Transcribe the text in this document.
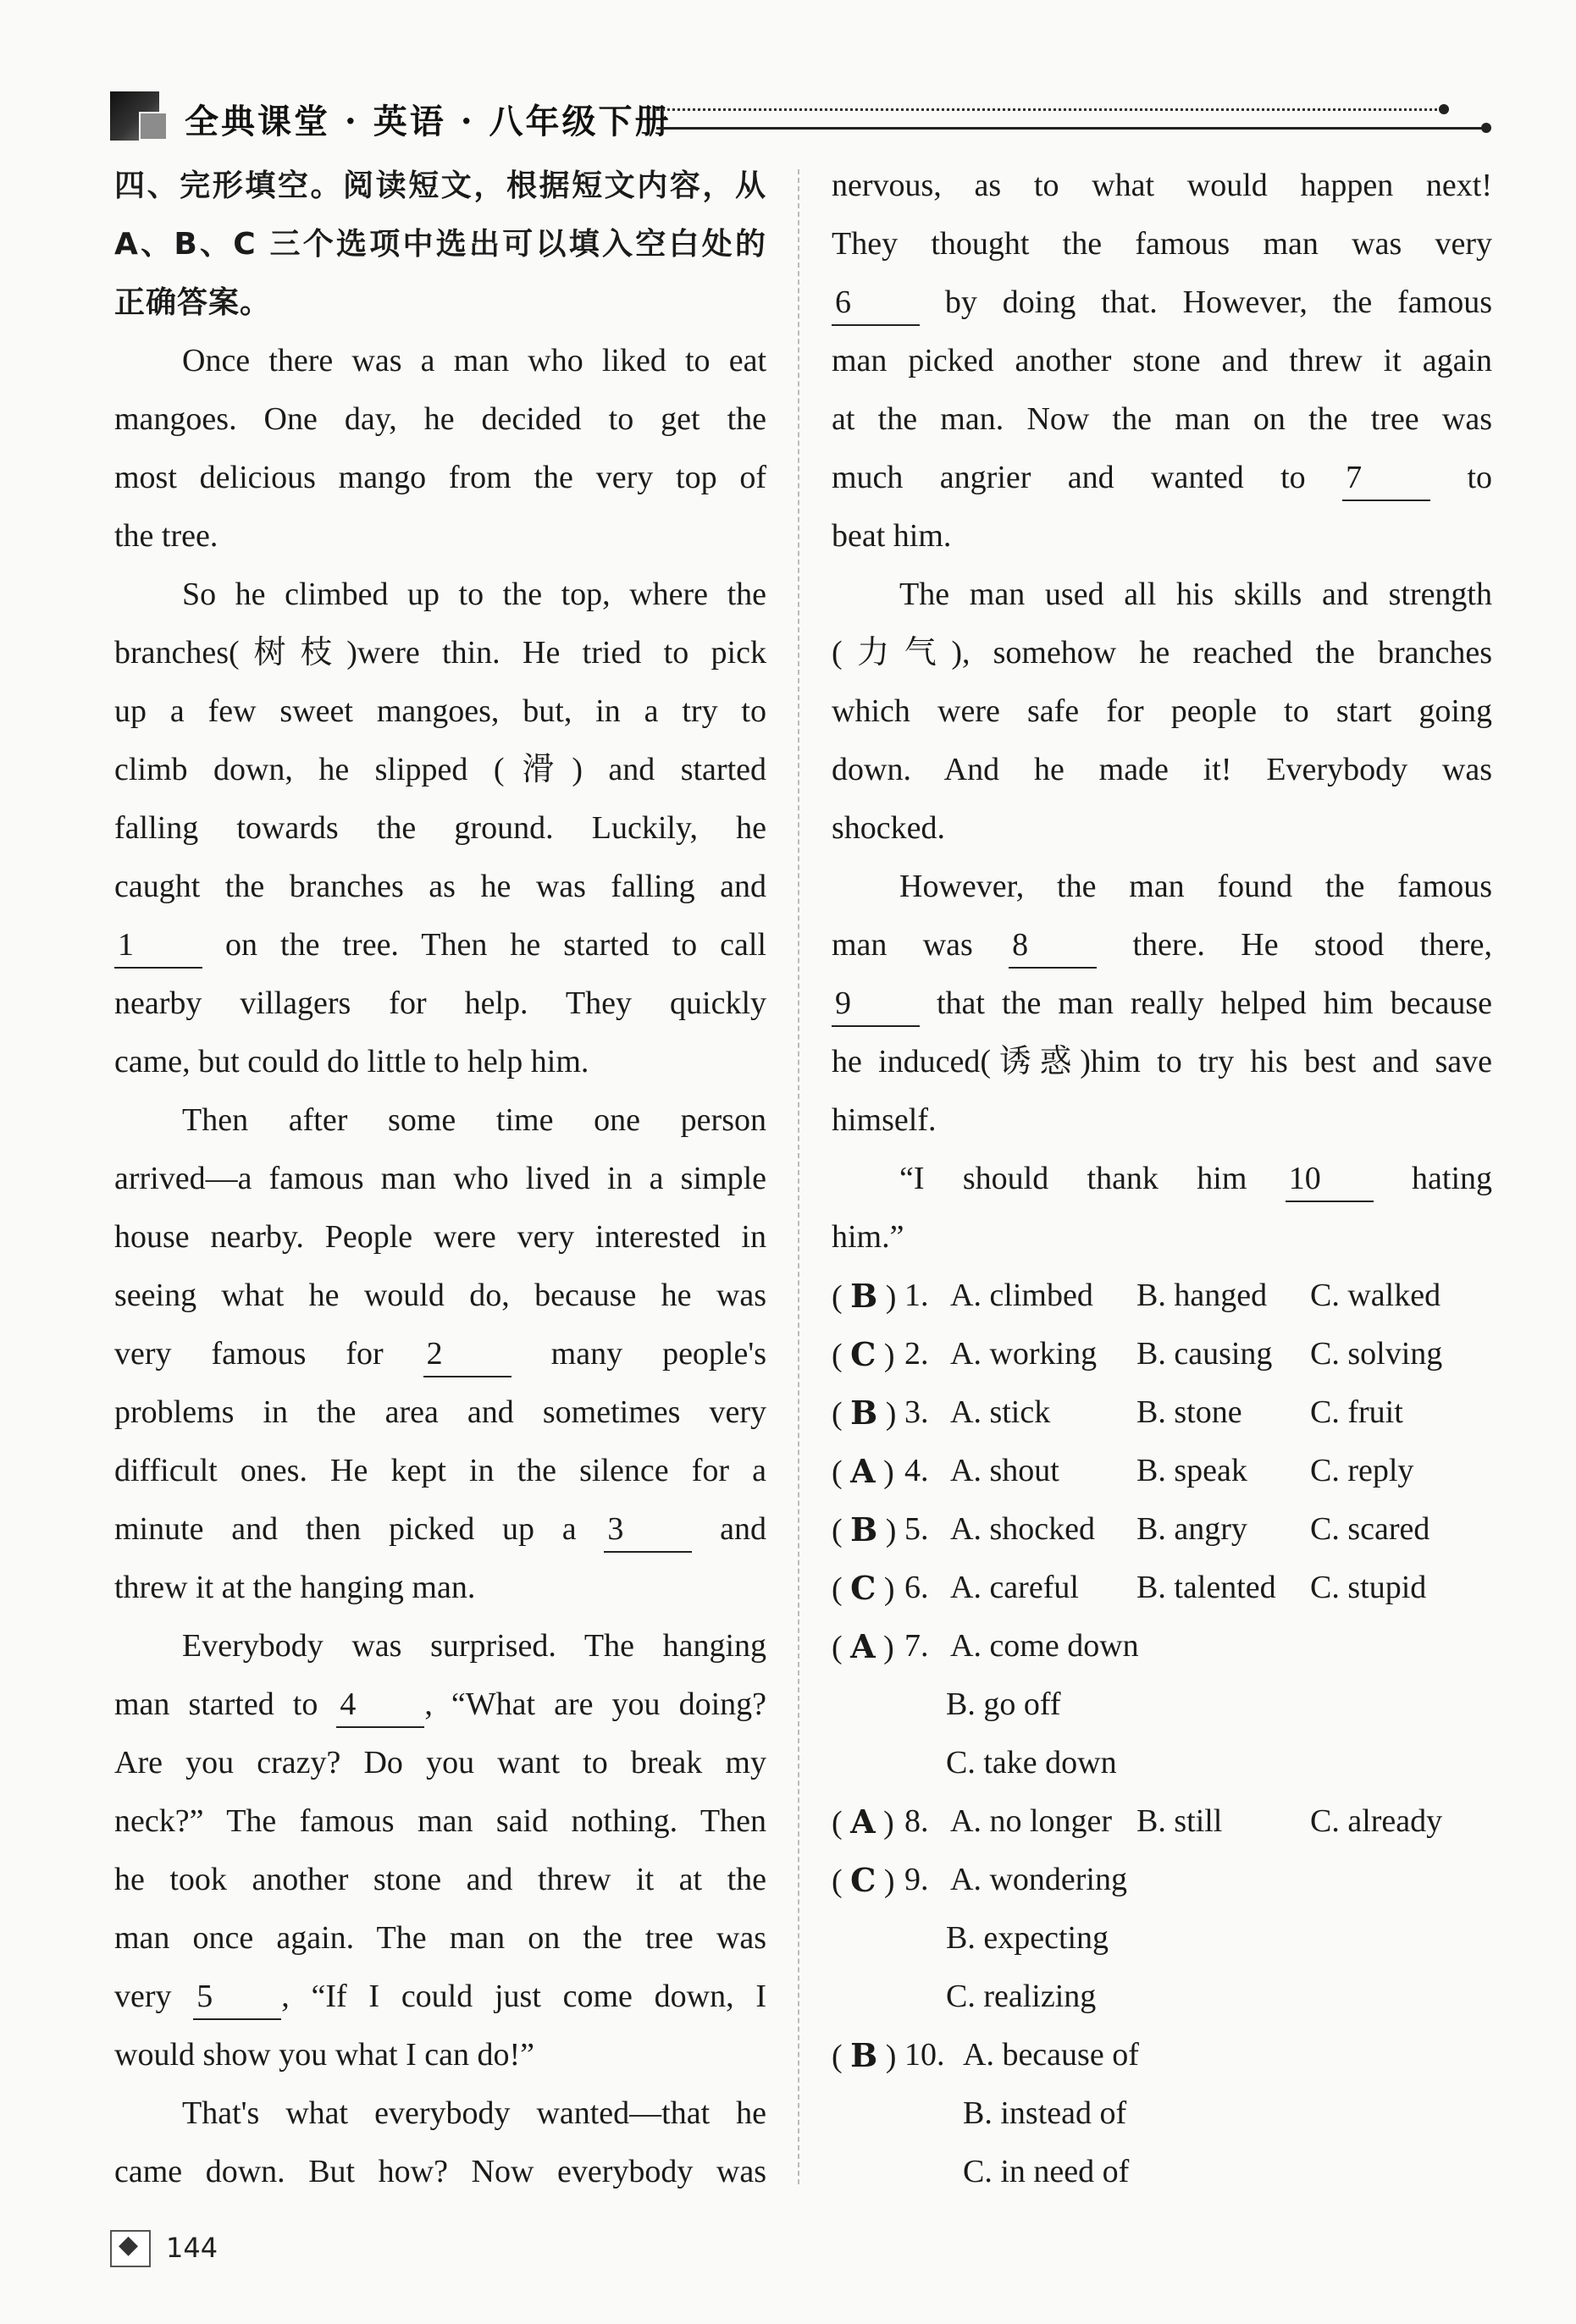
全典课堂 · 英语 · 八年级下册
四、完形填空。阅读短文，根据短文内容，从
A、B、C 三个选项中选出可以填入空白处的
正确答案。
Once there was a man who liked to eat
mangoes. One day, he decided to get the
most delicious mango from the very top of
the tree.
So he climbed up to the top, where the
branches(树枝)were thin. He tried to pick
up a few sweet mangoes, but, in a try to
climb down, he slipped (滑) and started
falling towards the ground. Luckily, he
caught the branches as he was falling and
1 on the tree. Then he started to call
nearby villagers for help. They quickly
came, but could do little to help him.
Then after some time one person
arrived—a famous man who lived in a simple
house nearby. People were very interested in
seeing what he would do, because he was
very famous for 2 many people's
problems in the area and sometimes very
difficult ones. He kept in the silence for a
minute and then picked up a 3 and
threw it at the hanging man.
Everybody was surprised. The hanging
man started to 4 , “What are you doing?
Are you crazy? Do you want to break my
neck?” The famous man said nothing. Then
he took another stone and threw it at the
man once again. The man on the tree was
very 5 , “If I could just come down, I
would show you what I can do!”
That's what everybody wanted—that he
came down. But how? Now everybody was
nervous, as to what would happen next!
They thought the famous man was very
6 by doing that. However, the famous
man picked another stone and threw it again
at the man. Now the man on the tree was
much angrier and wanted to 7 to
beat him.
The man used all his skills and strength
(力气), somehow he reached the branches
which were safe for people to start going
down. And he made it! Everybody was
shocked.
However, the man found the famous
man was 8 there. He stood there,
9 that the man really helped him because
he induced(诱惑)him to try his best and save
himself.
“I should thank him 10 hating
him.”
( B ) 1. A. climbed B. hanged C. walked
( C ) 2. A. working B. causing C. solving
( B ) 3. A. stick	B. stone C. fruit
( A ) 4. A. shout B. speak C. reply
( B ) 5. A. shocked B. angry C. scared
( C ) 6. A. careful B. talented C. stupid
( A ) 7. A. come down
B. go off
C. take down
( A ) 8. A. no longer B. still	C. already
( C ) 9. A. wondering
B. expecting
C. realizing
( B ) 10. A. because of
B. instead of
C. in need of
◆
144
